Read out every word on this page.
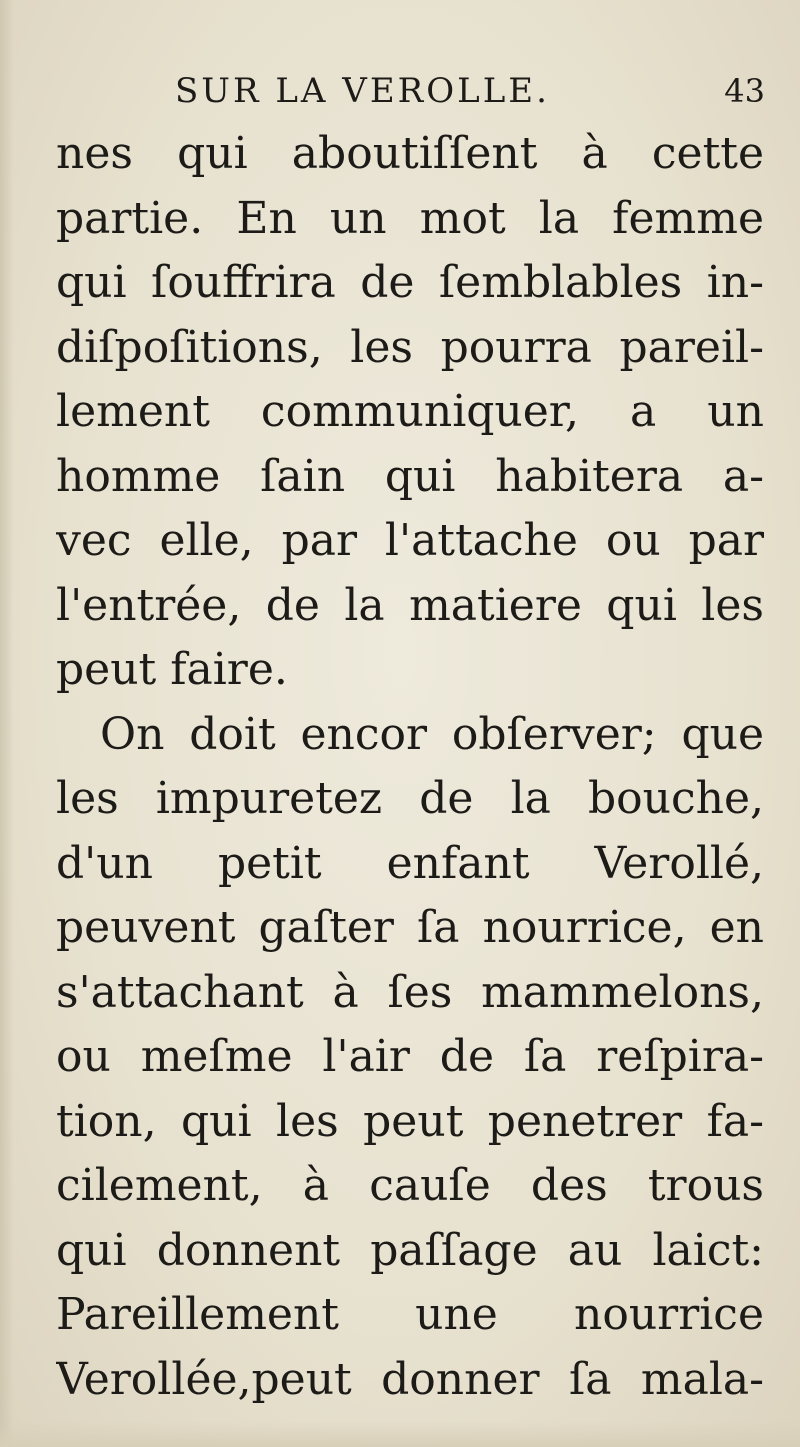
SUR LA VEROLLE.	43
nes qui aboutiſſent à cette
partie. En un mot la femme
qui ſouffrira de ſemblables in-
diſpoſitions, les pourra pareil-
lement communiquer, a un
homme ſain qui habitera a-
vec elle, par l'attache ou par
l'entrée, de la matiere qui les
peut faire.
On doit encor obſerver; que
les impuretez de la bouche,
d'un petit enfant Verollé,
peuvent gaſter ſa nourrice, en
s'attachant à ſes mammelons,
ou meſme l'air de ſa reſpira-
tion, qui les peut penetrer fa-
cilement, à cauſe des trous
qui donnent paſſage au laict:
Pareillement une nourrice
Verollée,peut donner ſa mala-
